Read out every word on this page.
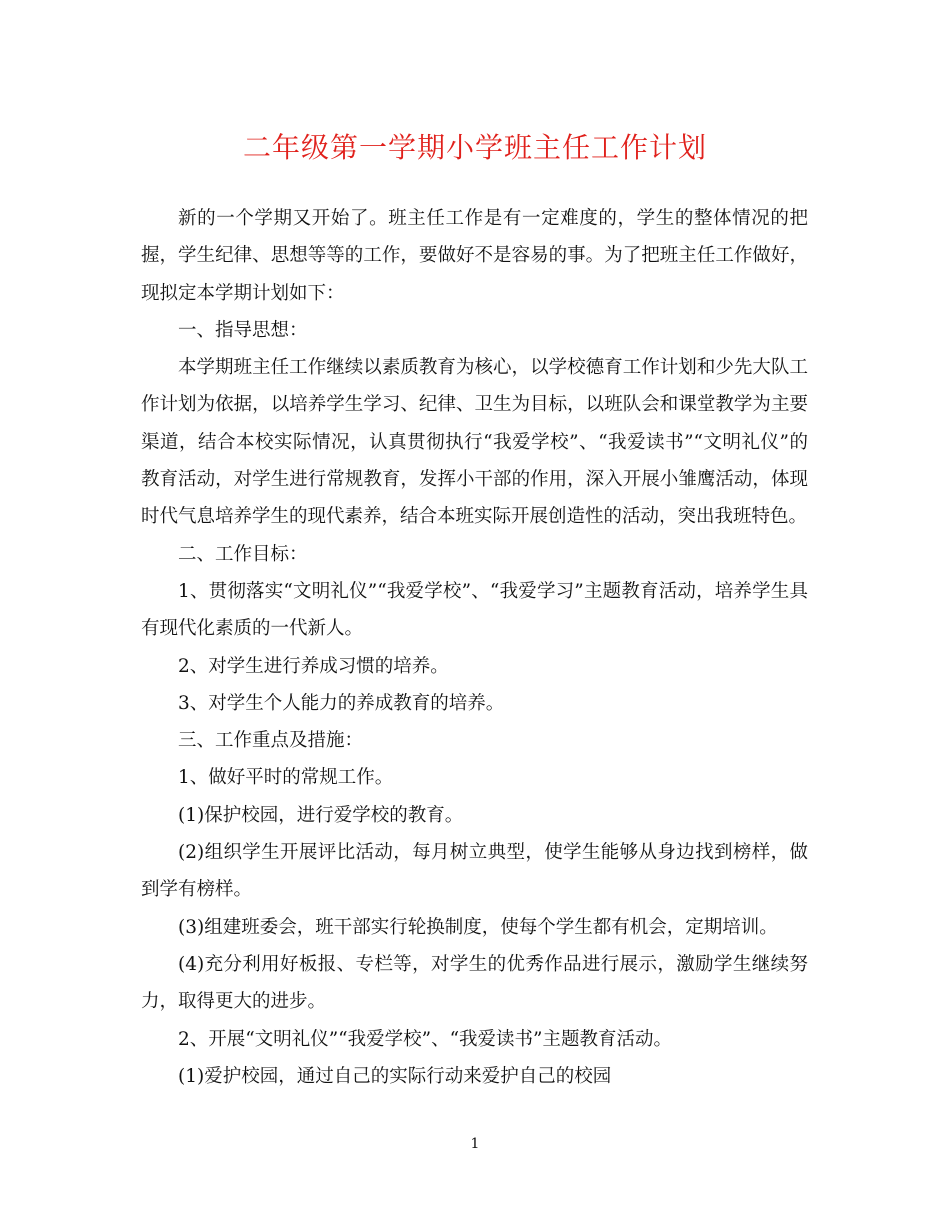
二年级第一学期小学班主任工作计划

新的一个学期又开始了。班主任工作是有一定难度的，学生的整体情况的把握，学生纪律、思想等等的工作，要做好不是容易的事。为了把班主任工作做好，现拟定本学期计划如下：

一、指导思想：

本学期班主任工作继续以素质教育为核心，以学校德育工作计划和少先大队工作计划为依据，以培养学生学习、纪律、卫生为目标，以班队会和课堂教学为主要渠道，结合本校实际情况，认真贯彻执行“我爱学校”、“我爱读书”“文明礼仪”的教育活动，对学生进行常规教育，发挥小干部的作用，深入开展小雏鹰活动，体现时代气息培养学生的现代素养，结合本班实际开展创造性的活动，突出我班特色。

二、工作目标：

1、贯彻落实“文明礼仪”“我爱学校”、“我爱学习”主题教育活动，培养学生具有现代化素质的一代新人。

2、对学生进行养成习惯的培养。

3、对学生个人能力的养成教育的培养。

三、工作重点及措施：

1、做好平时的常规工作。

(1)保护校园，进行爱学校的教育。

(2)组织学生开展评比活动，每月树立典型，使学生能够从身边找到榜样，做到学有榜样。

(3)组建班委会，班干部实行轮换制度，使每个学生都有机会，定期培训。

(4)充分利用好板报、专栏等，对学生的优秀作品进行展示，激励学生继续努力，取得更大的进步。

2、开展“文明礼仪”“我爱学校”、“我爱读书”主题教育活动。

(1)爱护校园，通过自己的实际行动来爱护自己的校园

1
